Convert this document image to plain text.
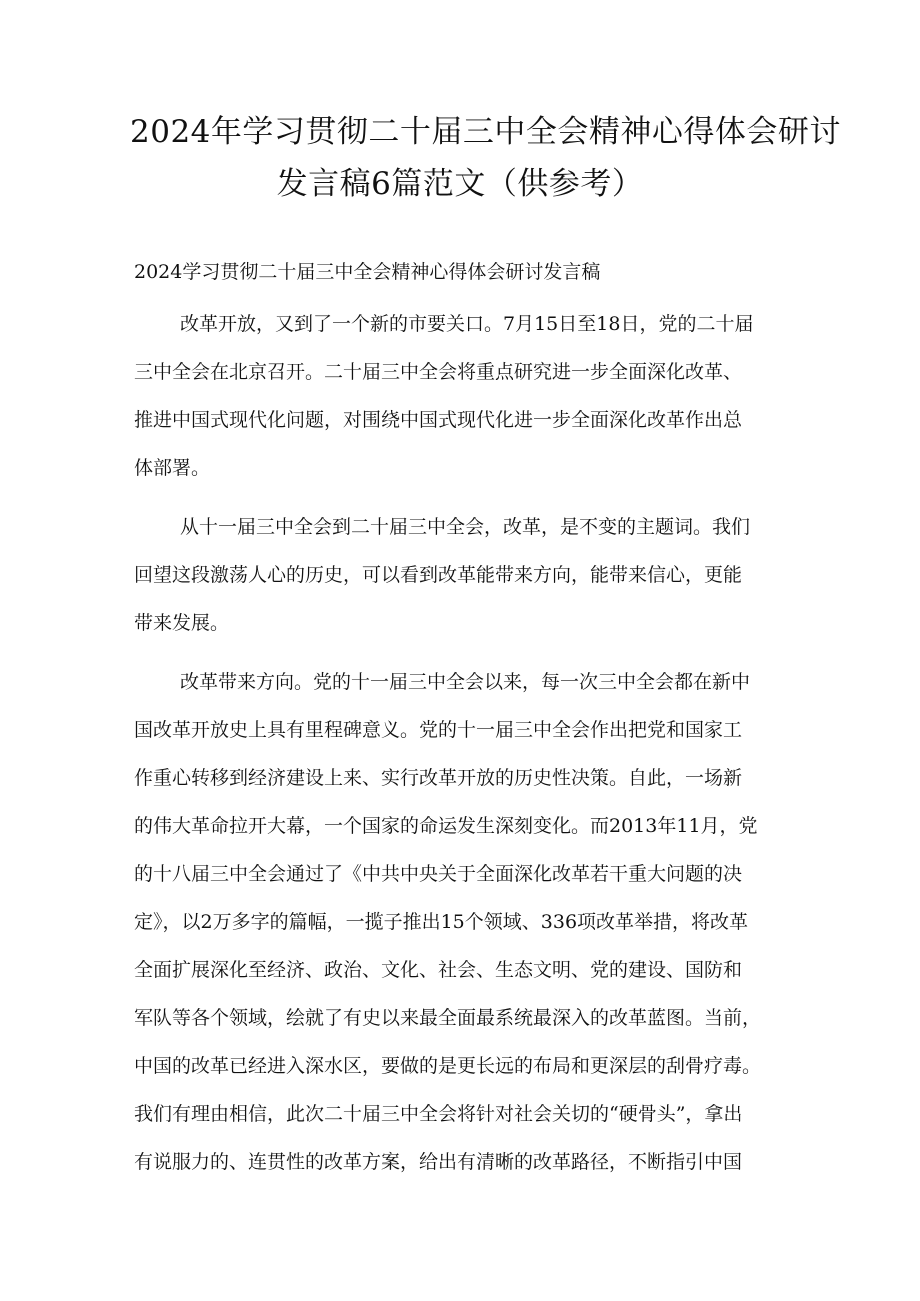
2024年学习贯彻二十届三中全会精神心得体会研讨
发言稿6篇范文（供参考）
2024学习贯彻二十届三中全会精神心得体会研讨发言稿
改革开放，又到了一个新的市要关口。7月15日至18日，党的二十届
三中全会在北京召开。二十届三中全会将重点研究进一步全面深化改革、
推进中国式现代化问题，对围绕中国式现代化进一步全面深化改革作出总
体部署。
从十一届三中全会到二十届三中全会，改革，是不变的主题词。我们
回望这段激荡人心的历史，可以看到改革能带来方向，能带来信心，更能
带来发展。
改革带来方向。党的十一届三中全会以来，每一次三中全会都在新中
国改革开放史上具有里程碑意义。党的十一届三中全会作出把党和国家工
作重心转移到经济建设上来、实行改革开放的历史性决策。自此，一场新
的伟大革命拉开大幕，一个国家的命运发生深刻变化。而2013年11月，党
的十八届三中全会通过了《中共中央关于全面深化改革若干重大问题的决
定》，以2万多字的篇幅，一揽子推出15个领域、336项改革举措，将改革
全面扩展深化至经济、政治、文化、社会、生态文明、党的建设、国防和
军队等各个领域，绘就了有史以来最全面最系统最深入的改革蓝图。当前，
中国的改革已经进入深水区，要做的是更长远的布局和更深层的刮骨疗毒。
我们有理由相信，此次二十届三中全会将针对社会关切的“硬骨头”，拿出
有说服力的、连贯性的改革方案，给出有清晰的改革路径，不断指引中国
